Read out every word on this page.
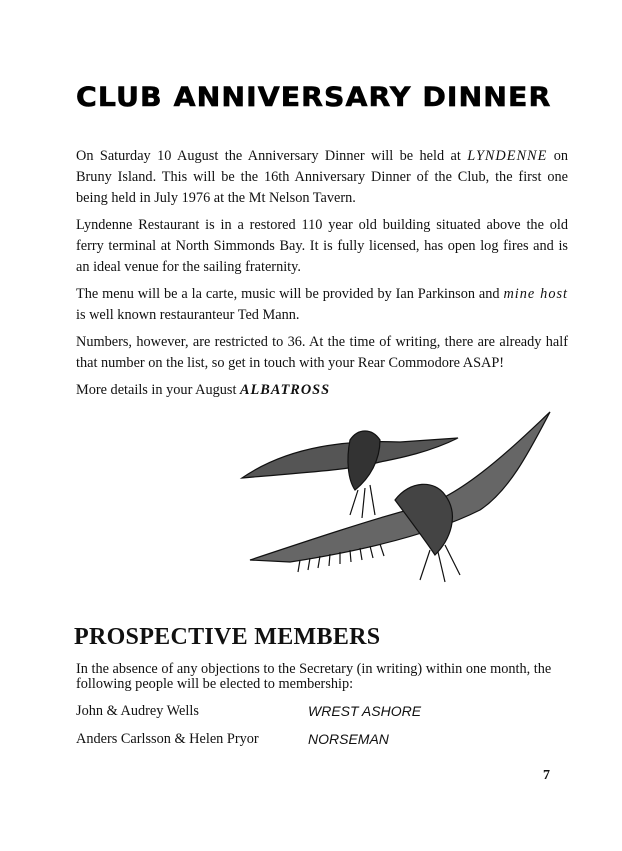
CLUB ANNIVERSARY DINNER

On Saturday 10 August the Anniversary Dinner will be held at LYNDENNE on Bruny Island. This will be the 16th Anniversary Dinner of the Club, the first one being held in July 1976 at the Mt Nelson Tavern.

Lyndenne Restaurant is in a restored 110 year old building situated above the old ferry terminal at North Simmonds Bay. It is fully licensed, has open log fires and is an ideal venue for the sailing fraternity.

The menu will be a la carte, music will be provided by Ian Parkinson and mine host is well known restauranteur Ted Mann.

Numbers, however, are restricted to 36. At the time of writing, there are already half that number on the list, so get in touch with your Rear Commodore ASAP!

More details in your August ALBATROSS

PROSPECTIVE MEMBERS
In the absence of any objections to the Secretary (in writing) within one month, the following people will be elected to membership:
John & Audrey Wells	WREST ASHORE
Anders Carlsson & Helen Pryor	NORSEMAN
7
